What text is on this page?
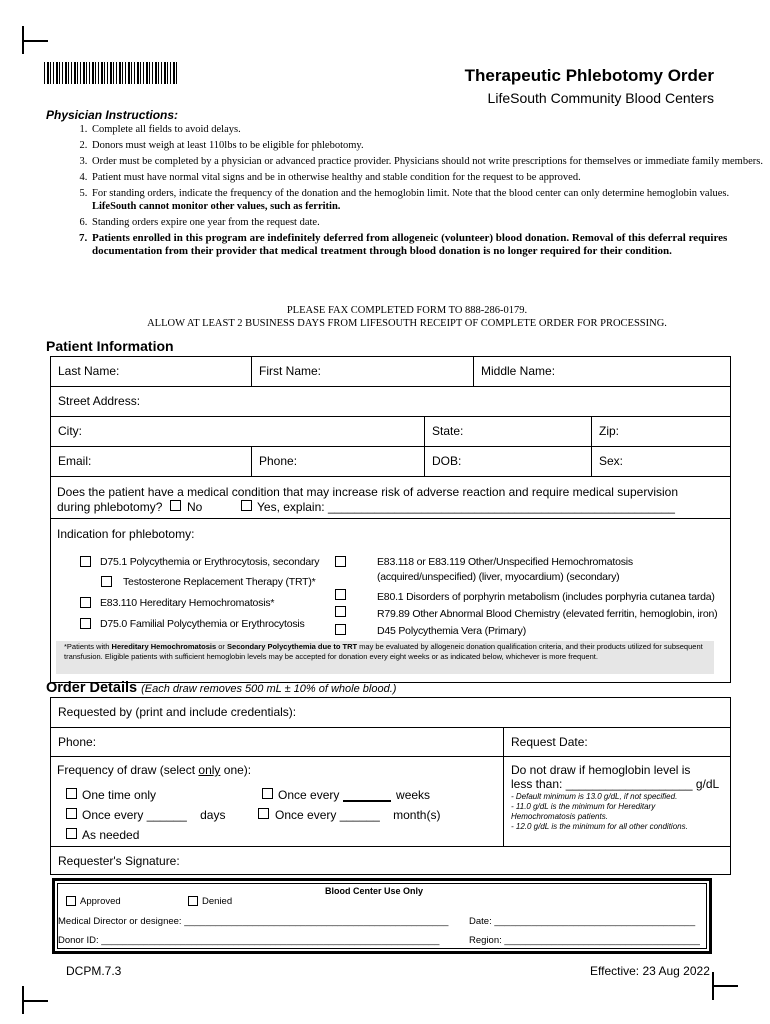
Therapeutic Phlebotomy Order
LifeSouth Community Blood Centers
Physician Instructions:
1. Complete all fields to avoid delays.
2. Donors must weigh at least 110lbs to be eligible for phlebotomy.
3. Order must be completed by a physician or advanced practice provider. Physicians should not write prescriptions for themselves or immediate family members.
4. Patient must have normal vital signs and be in otherwise healthy and stable condition for the request to be approved.
5. For standing orders, indicate the frequency of the donation and the hemoglobin limit. Note that the blood center can only determine hemoglobin values. LifeSouth cannot monitor other values, such as ferritin.
6. Standing orders expire one year from the request date.
7. Patients enrolled in this program are indefinitely deferred from allogeneic (volunteer) blood donation. Removal of this deferral requires documentation from their provider that medical treatment through blood donation is no longer required for their condition.
PLEASE FAX COMPLETED FORM TO 888-286-0179.
ALLOW AT LEAST 2 BUSINESS DAYS FROM LIFESOUTH RECEIPT OF COMPLETE ORDER FOR PROCESSING.
Patient Information
Last Name:	First Name:	Middle Name:
Street Address:
City:	State:	Zip:
Email:	Phone:	DOB:	Sex:
Does the patient have a medical condition that may increase risk of adverse reaction and require medical supervision
during phlebotomy? No	Yes, explain: ____________________________________________________
Indication for phlebotomy:
D75.1 Polycythemia or Erythrocytosis, secondary
Testosterone Replacement Therapy (TRT)*
E83.110 Hereditary Hemochromatosis*
D75.0 Familial Polycythemia or Erythrocytosis
E83.118 or E83.119 Other/Unspecified Hemochromatosis
(acquired/unspecified) (liver, myocardium) (secondary)
E80.1 Disorders of porphyrin metabolism (includes porphyria cutanea tarda)
R79.89 Other Abnormal Blood Chemistry (elevated ferritin, hemoglobin, iron)
D45 Polycythemia Vera (Primary)
*Patients with Hereditary Hemochromatosis or Secondary Polycythemia due to TRT may be evaluated by allogeneic donation qualification criteria, and their products utilized for subsequent transfusion. Eligible patients with sufficient hemoglobin levels may be accepted for donation every eight weeks or as indicated below, whichever is more frequent.
Order Details (Each draw removes 500 mL ± 10% of whole blood.)
Requested by (print and include credentials):
Phone:	Request Date:
Frequency of draw (select only one):
One time only	Once every	weeks
Once every ______ days	Once every ______ month(s)
As needed
Do not draw if hemoglobin level is
less than: ___________________ g/dL
- Default minimum is 13.0 g/dL, if not specified.
- 11.0 g/dL is the minimum for Hereditary
Hemochromatosis patients.
- 12.0 g/dL is the minimum for all other conditions.
Requester's Signature:
Blood Center Use Only
Approved	Denied
Medical Director or designee: __________________________________________________ Date: ______________________________________
Donor ID: ________________________________________________________________	Region: _____________________________________
DCPM.7.3	Effective: 23 Aug 2022
